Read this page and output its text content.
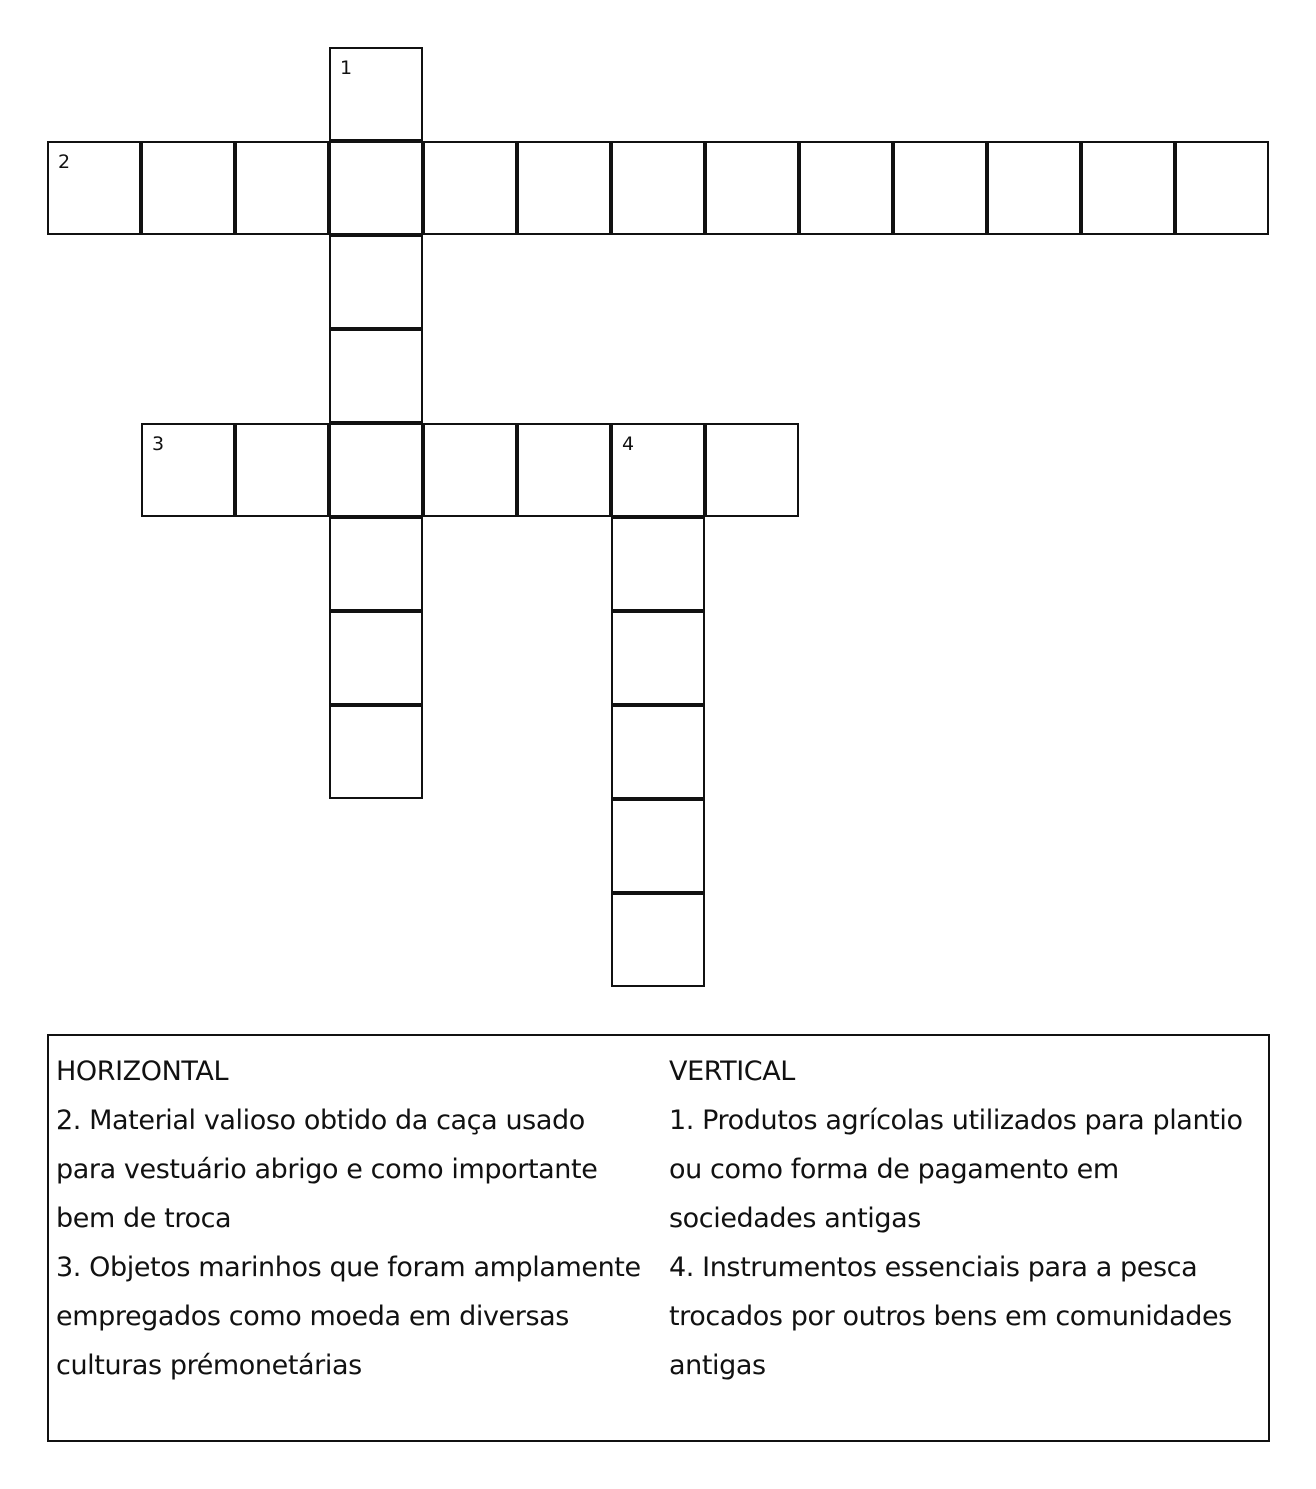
1
2
3	4
HORIZONTAL
2. Material valioso obtido da caça usado
para vestuário abrigo e como importante
bem de troca
3. Objetos marinhos que foram amplamente
empregados como moeda em diversas
culturas prémonetárias
VERTICAL
1. Produtos agrícolas utilizados para plantio
ou como forma de pagamento em
sociedades antigas
4. Instrumentos essenciais para a pesca
trocados por outros bens em comunidades
antigas
